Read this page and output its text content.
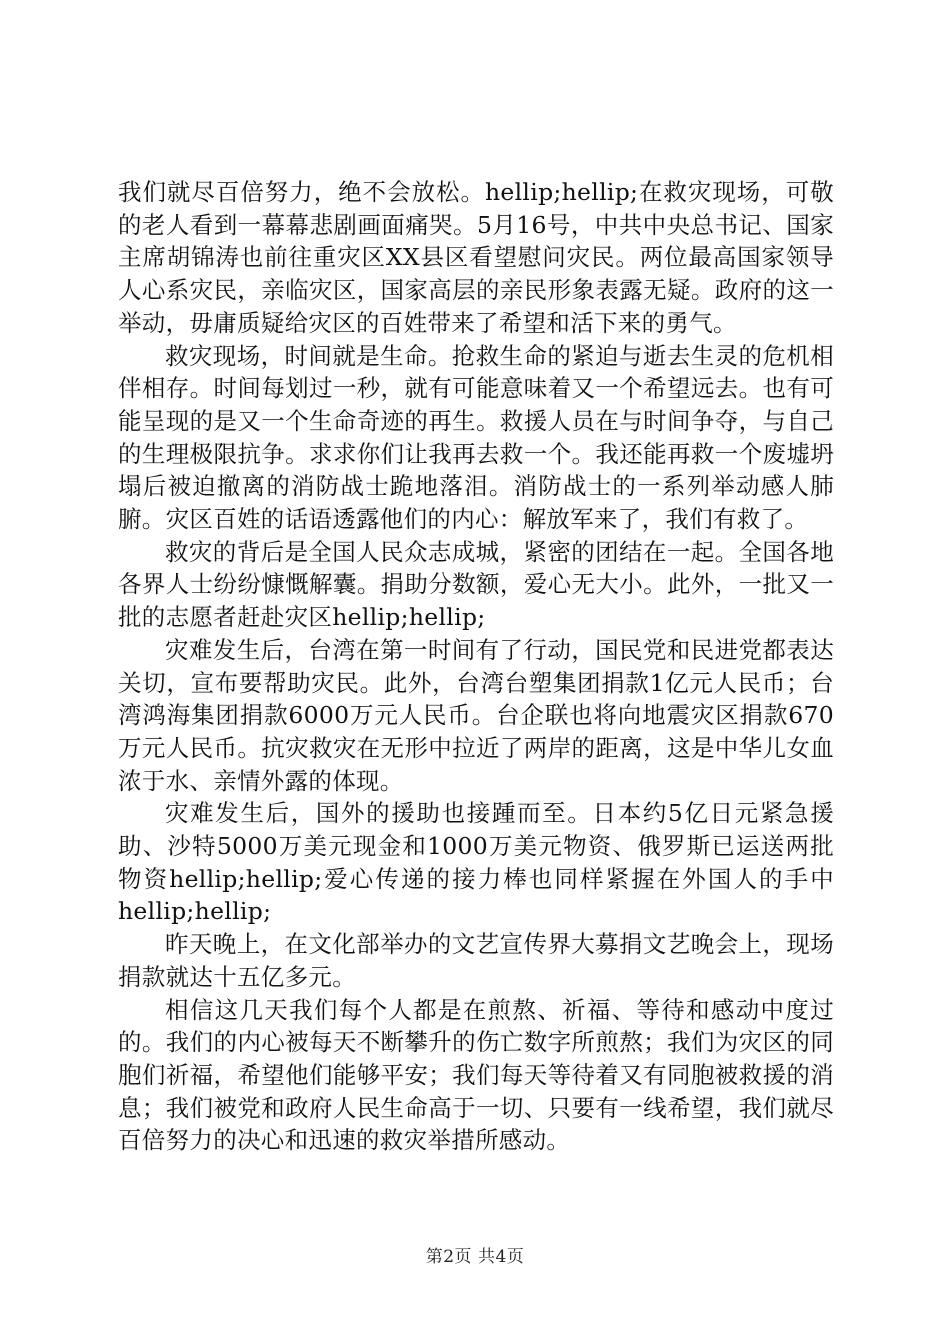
我们就尽百倍努力，绝不会放松。hellip;hellip;在救灾现场，可敬的老人看到一幕幕悲剧画面痛哭。5月16号，中共中央总书记、国家主席胡锦涛也前往重灾区XX县区看望慰问灾民。两位最高国家领导人心系灾民，亲临灾区，国家高层的亲民形象表露无疑。政府的这一举动，毋庸质疑给灾区的百姓带来了希望和活下来的勇气。

救灾现场，时间就是生命。抢救生命的紧迫与逝去生灵的危机相伴相存。时间每划过一秒，就有可能意味着又一个希望远去。也有可能呈现的是又一个生命奇迹的再生。救援人员在与时间争夺，与自己的生理极限抗争。求求你们让我再去救一个。我还能再救一个废墟坍塌后被迫撤离的消防战士跪地落泪。消防战士的一系列举动感人肺腑。灾区百姓的话语透露他们的内心：解放军来了，我们有救了。

救灾的背后是全国人民众志成城，紧密的团结在一起。全国各地各界人士纷纷慷慨解囊。捐助分数额，爱心无大小。此外，一批又一批的志愿者赶赴灾区hellip;hellip;

灾难发生后，台湾在第一时间有了行动，国民党和民进党都表达关切，宣布要帮助灾民。此外，台湾台塑集团捐款1亿元人民币；台湾鸿海集团捐款6000万元人民币。台企联也将向地震灾区捐款670万元人民币。抗灾救灾在无形中拉近了两岸的距离，这是中华儿女血浓于水、亲情外露的体现。

灾难发生后，国外的援助也接踵而至。日本约5亿日元紧急援助、沙特5000万美元现金和1000万美元物资、俄罗斯已运送两批物资hellip;hellip;爱心传递的接力棒也同样紧握在外国人的手中hellip;hellip;

昨天晚上，在文化部举办的文艺宣传界大募捐文艺晚会上，现场捐款就达十五亿多元。

相信这几天我们每个人都是在煎熬、祈福、等待和感动中度过的。我们的内心被每天不断攀升的伤亡数字所煎熬；我们为灾区的同胞们祈福，希望他们能够平安；我们每天等待着又有同胞被救援的消息；我们被党和政府人民生命高于一切、只要有一线希望，我们就尽百倍努力的决心和迅速的救灾举措所感动。

第2页 共4页
